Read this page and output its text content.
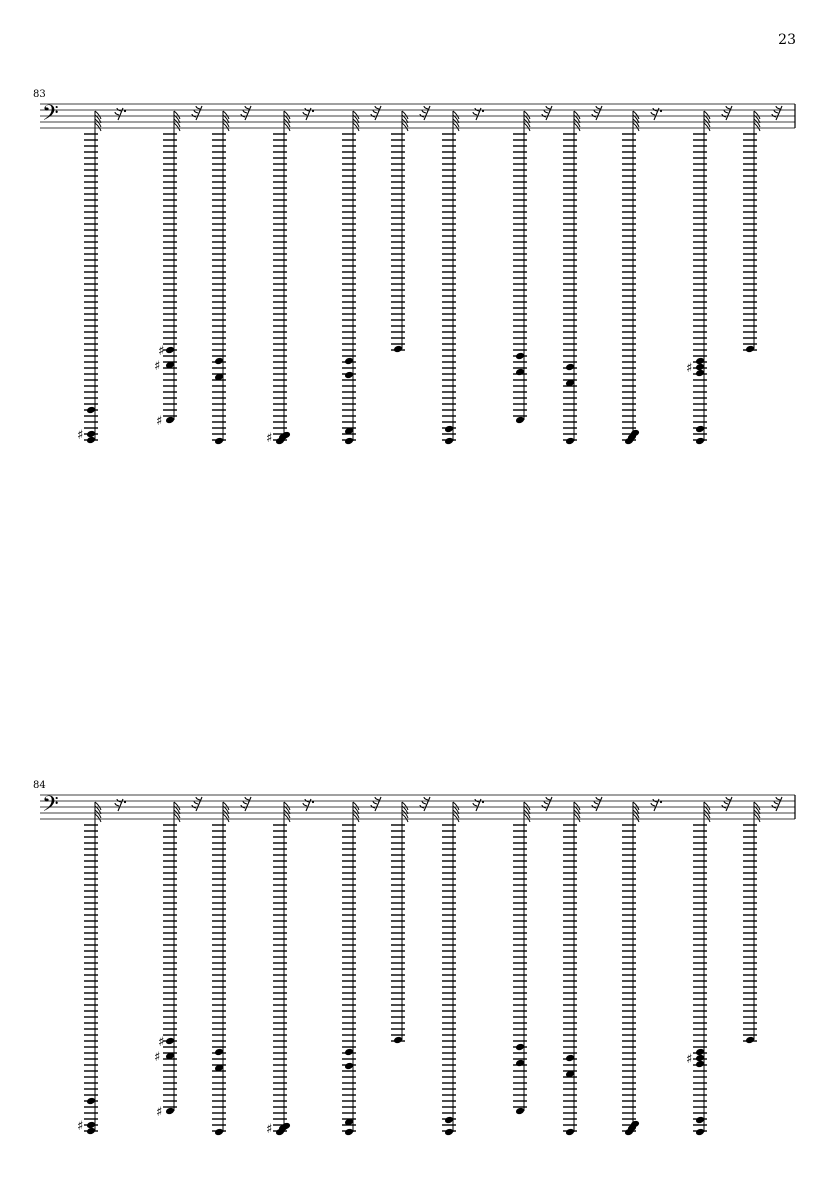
23
83
84
𝄢
♯
♯
♯
♯
♯
♯
𝄢
♯
♯
♯
♯
♯
♯
